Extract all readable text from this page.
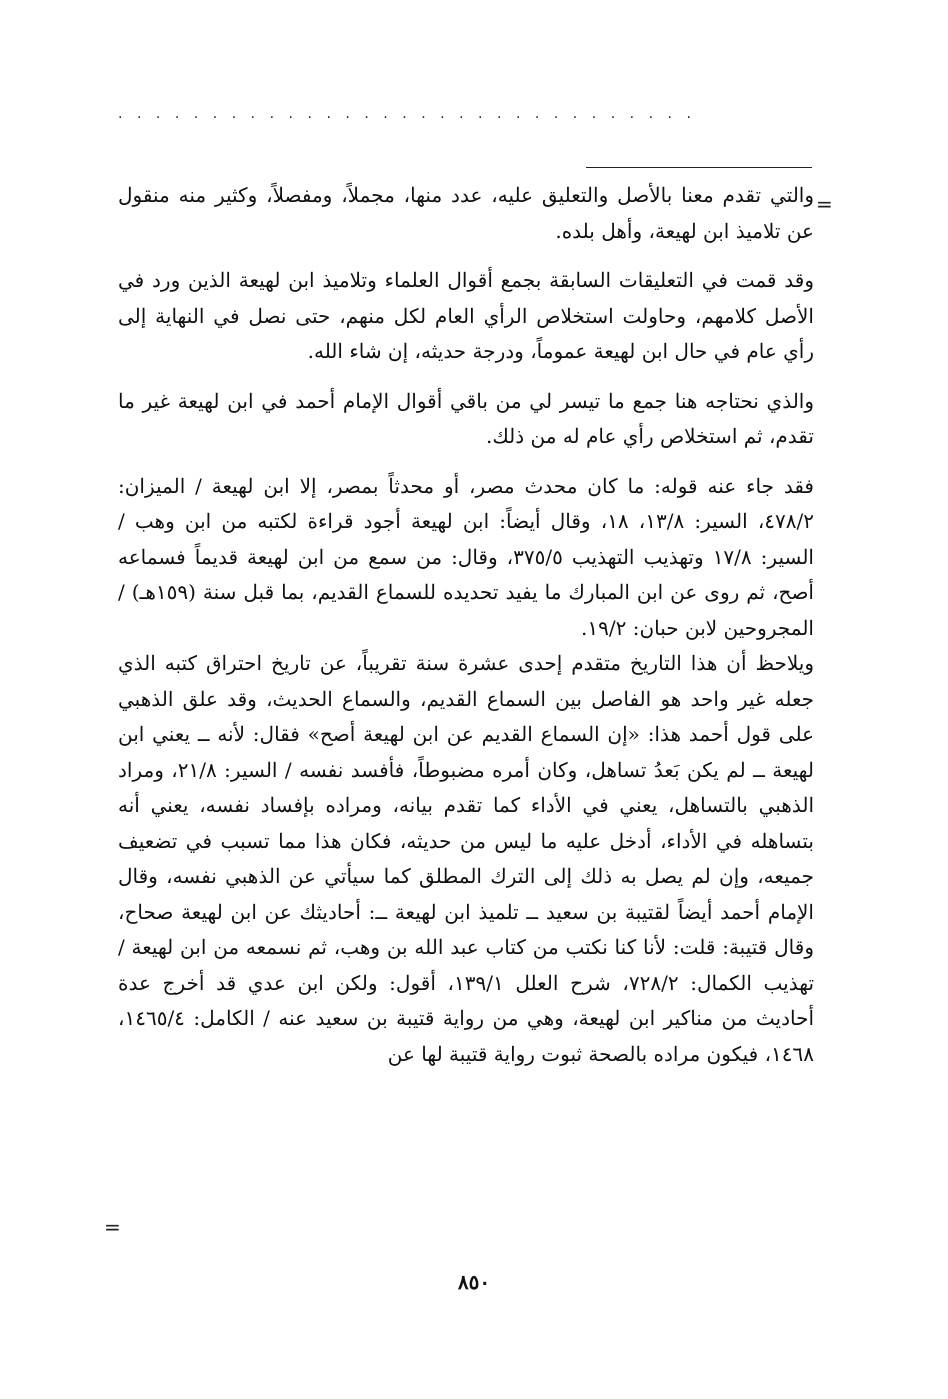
...............................
=

والتي تقدم معنا بالأصل والتعليق عليه، عدد منها، مجملاً، ومفصلاً، وكثير منه منقول عن تلاميذ ابن لهيعة، وأهل بلده.

وقد قمت في التعليقات السابقة بجمع أقوال العلماء وتلاميذ ابن لهيعة الذين ورد في الأصل كلامهم، وحاولت استخلاص الرأي العام لكل منهم، حتى نصل في النهاية إلى رأي عام في حال ابن لهيعة عموماً، ودرجة حديثه، إن شاء الله.

والذي نحتاجه هنا جمع ما تيسر لي من باقي أقوال الإمام أحمد في ابن لهيعة غير ما تقدم، ثم استخلاص رأي عام له من ذلك.

فقد جاء عنه قوله: ما كان محدث مصر، أو محدثاً بمصر، إلا ابن لهيعة / الميزان: ٤٧٨/٢، السير: ١٣/٨، ١٨، وقال أيضاً: ابن لهيعة أجود قراءة لكتبه من ابن وهب / السير: ١٧/٨ وتهذيب التهذيب ٣٧٥/٥، وقال: من سمع من ابن لهيعة قديماً فسماعه أصح، ثم روى عن ابن المبارك ما يفيد تحديده للسماع القديم، بما قبل سنة (١٥٩هـ) / المجروحين لابن حبان: ١٩/٢.

ويلاحظ أن هذا التاريخ متقدم إحدى عشرة سنة تقريباً، عن تاريخ احتراق كتبه الذي جعله غير واحد هو الفاصل بين السماع القديم، والسماع الحديث، وقد علق الذهبي على قول أحمد هذا: «إن السماع القديم عن ابن لهيعة أصح» فقال: لأنه ــ يعني ابن لهيعة ــ لم يكن بَعدُ تساهل، وكان أمره مضبوطاً، فأفسد نفسه / السير: ٢١/٨، ومراد الذهبي بالتساهل، يعني في الأداء كما تقدم بيانه، ومراده بإفساد نفسه، يعني أنه بتساهله في الأداء، أدخل عليه ما ليس من حديثه، فكان هذا مما تسبب في تضعيف جميعه، وإن لم يصل به ذلك إلى الترك المطلق كما سيأتي عن الذهبي نفسه، وقال الإمام أحمد أيضاً لقتيبة بن سعيد ــ تلميذ ابن لهيعة ــ: أحاديثك عن ابن لهيعة صحاح، وقال قتيبة: قلت: لأنا كنا نكتب من كتاب عبد الله بن وهب، ثم نسمعه من ابن لهيعة / تهذيب الكمال: ٧٢٨/٢، شرح العلل ١٣٩/١، أقول: ولكن ابن عدي قد أخرج عدة أحاديث من مناكير ابن لهيعة، وهي من رواية قتيبة بن سعيد عنه / الكامل: ١٤٦٥/٤، ١٤٦٨، فيكون مراده بالصحة ثبوت رواية قتيبة لها عن

=
٨٥٠
